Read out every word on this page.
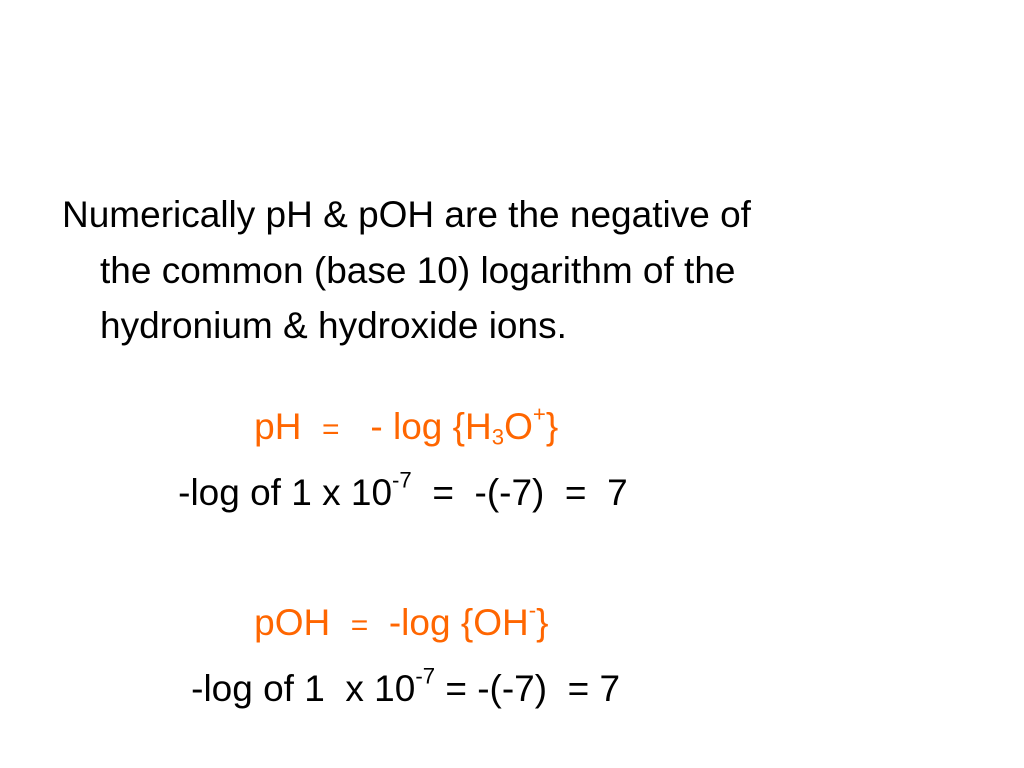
Numerically pH & pOH are the negative of
the common (base 10) logarithm of the
hydronium & hydroxide ions.

pH = - $\log \{H_3O^+\}$

-log of 1 x $10^{-7} = -(-7) = 7$

pOH = -log {OH-}

-log of 1  x $10^{-7} = -(-7) = 7$
